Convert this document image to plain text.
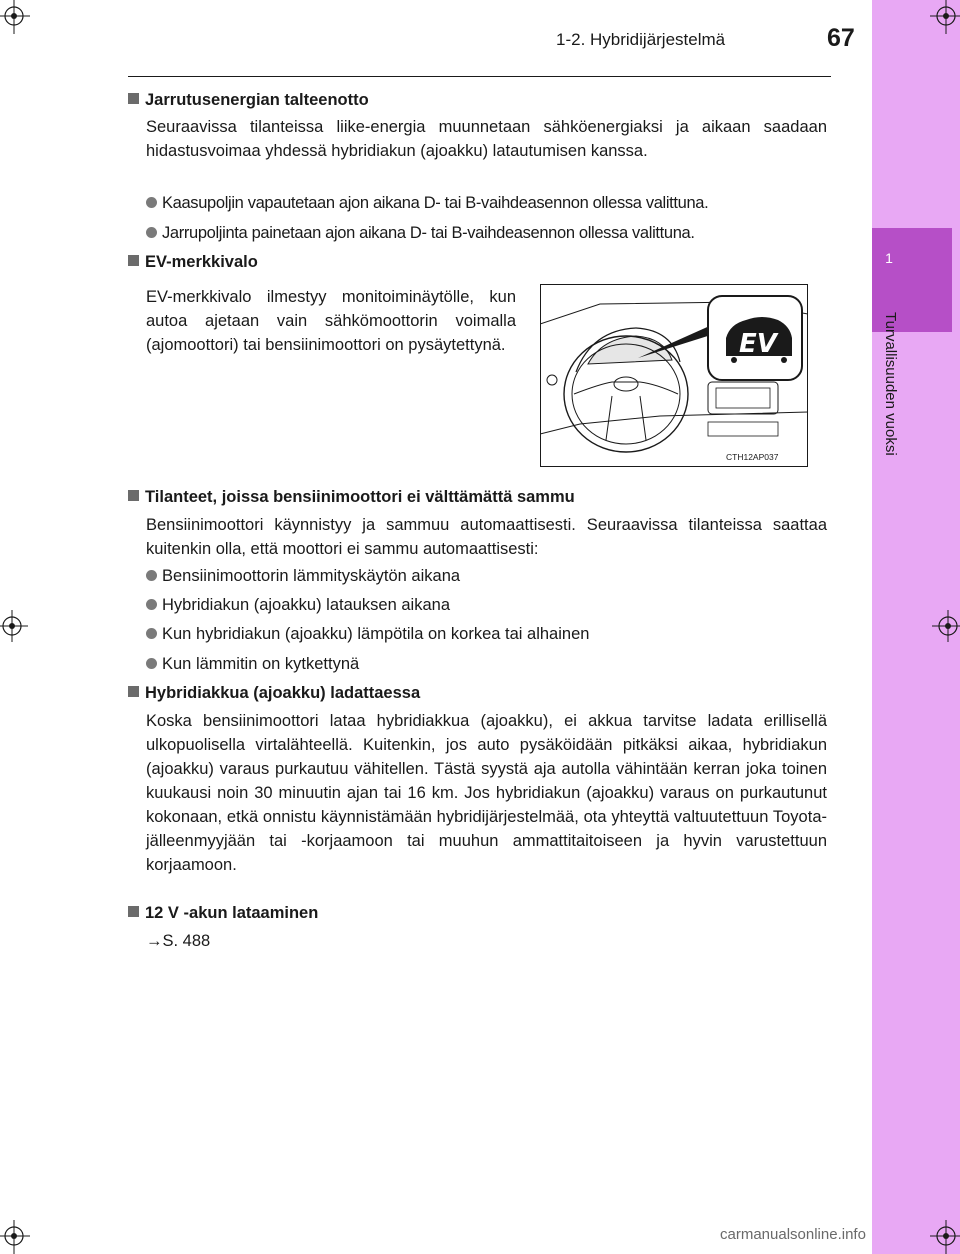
1
Turvallisuuden vuoksi
1-2. Hybridijärjestelmä	67
Jarrutusenergian talteenotto
Seuraavissa tilanteissa liike-energia muunnetaan sähköenergiaksi ja aikaan saadaan hidastusvoimaa yhdessä hybridiakun (ajoakku) latautumisen kanssa.
Kaasupoljin vapautetaan ajon aikana D- tai B-vaihdeasennon ollessa valittuna.
Jarrupoljinta painetaan ajon aikana D- tai B-vaihdeasennon ollessa valittuna.
EV-merkkivalo
EV-merkkivalo ilmestyy monitoiminäytölle, kun autoa ajetaan vain sähkömoottorin voimalla (ajomoottori) tai bensiinimoottori on pysäytettynä.	EV
CTH12AP037
Tilanteet, joissa bensiinimoottori ei välttämättä sammu
Bensiinimoottori käynnistyy ja sammuu automaattisesti. Seuraavissa tilanteissa saattaa kuitenkin olla, että moottori ei sammu automaattisesti:
Bensiinimoottorin lämmityskäytön aikana
Hybridiakun (ajoakku) latauksen aikana
Kun hybridiakun (ajoakku) lämpötila on korkea tai alhainen
Kun lämmitin on kytkettynä
Hybridiakkua (ajoakku) ladattaessa
Koska bensiinimoottori lataa hybridiakkua (ajoakku), ei akkua tarvitse ladata erillisellä ulkopuolisella virtalähteellä. Kuitenkin, jos auto pysäköidään pitkäksi aikaa, hybridiakun (ajoakku) varaus purkautuu vähitellen. Tästä syystä aja autolla vähintään kerran joka toinen kuukausi noin 30 minuutin ajan tai 16 km. Jos hybridiakun (ajoakku) varaus on purkautunut kokonaan, etkä onnistu käynnistämään hybridijärjestelmää, ota yhteyttä valtuutettuun Toyota-jälleenmyyjään tai -korjaamoon tai muuhun ammattitaitoiseen ja hyvin varustettuun korjaamoon.
12 V -akun lataaminen
→S. 488
carmanualsonline.info
